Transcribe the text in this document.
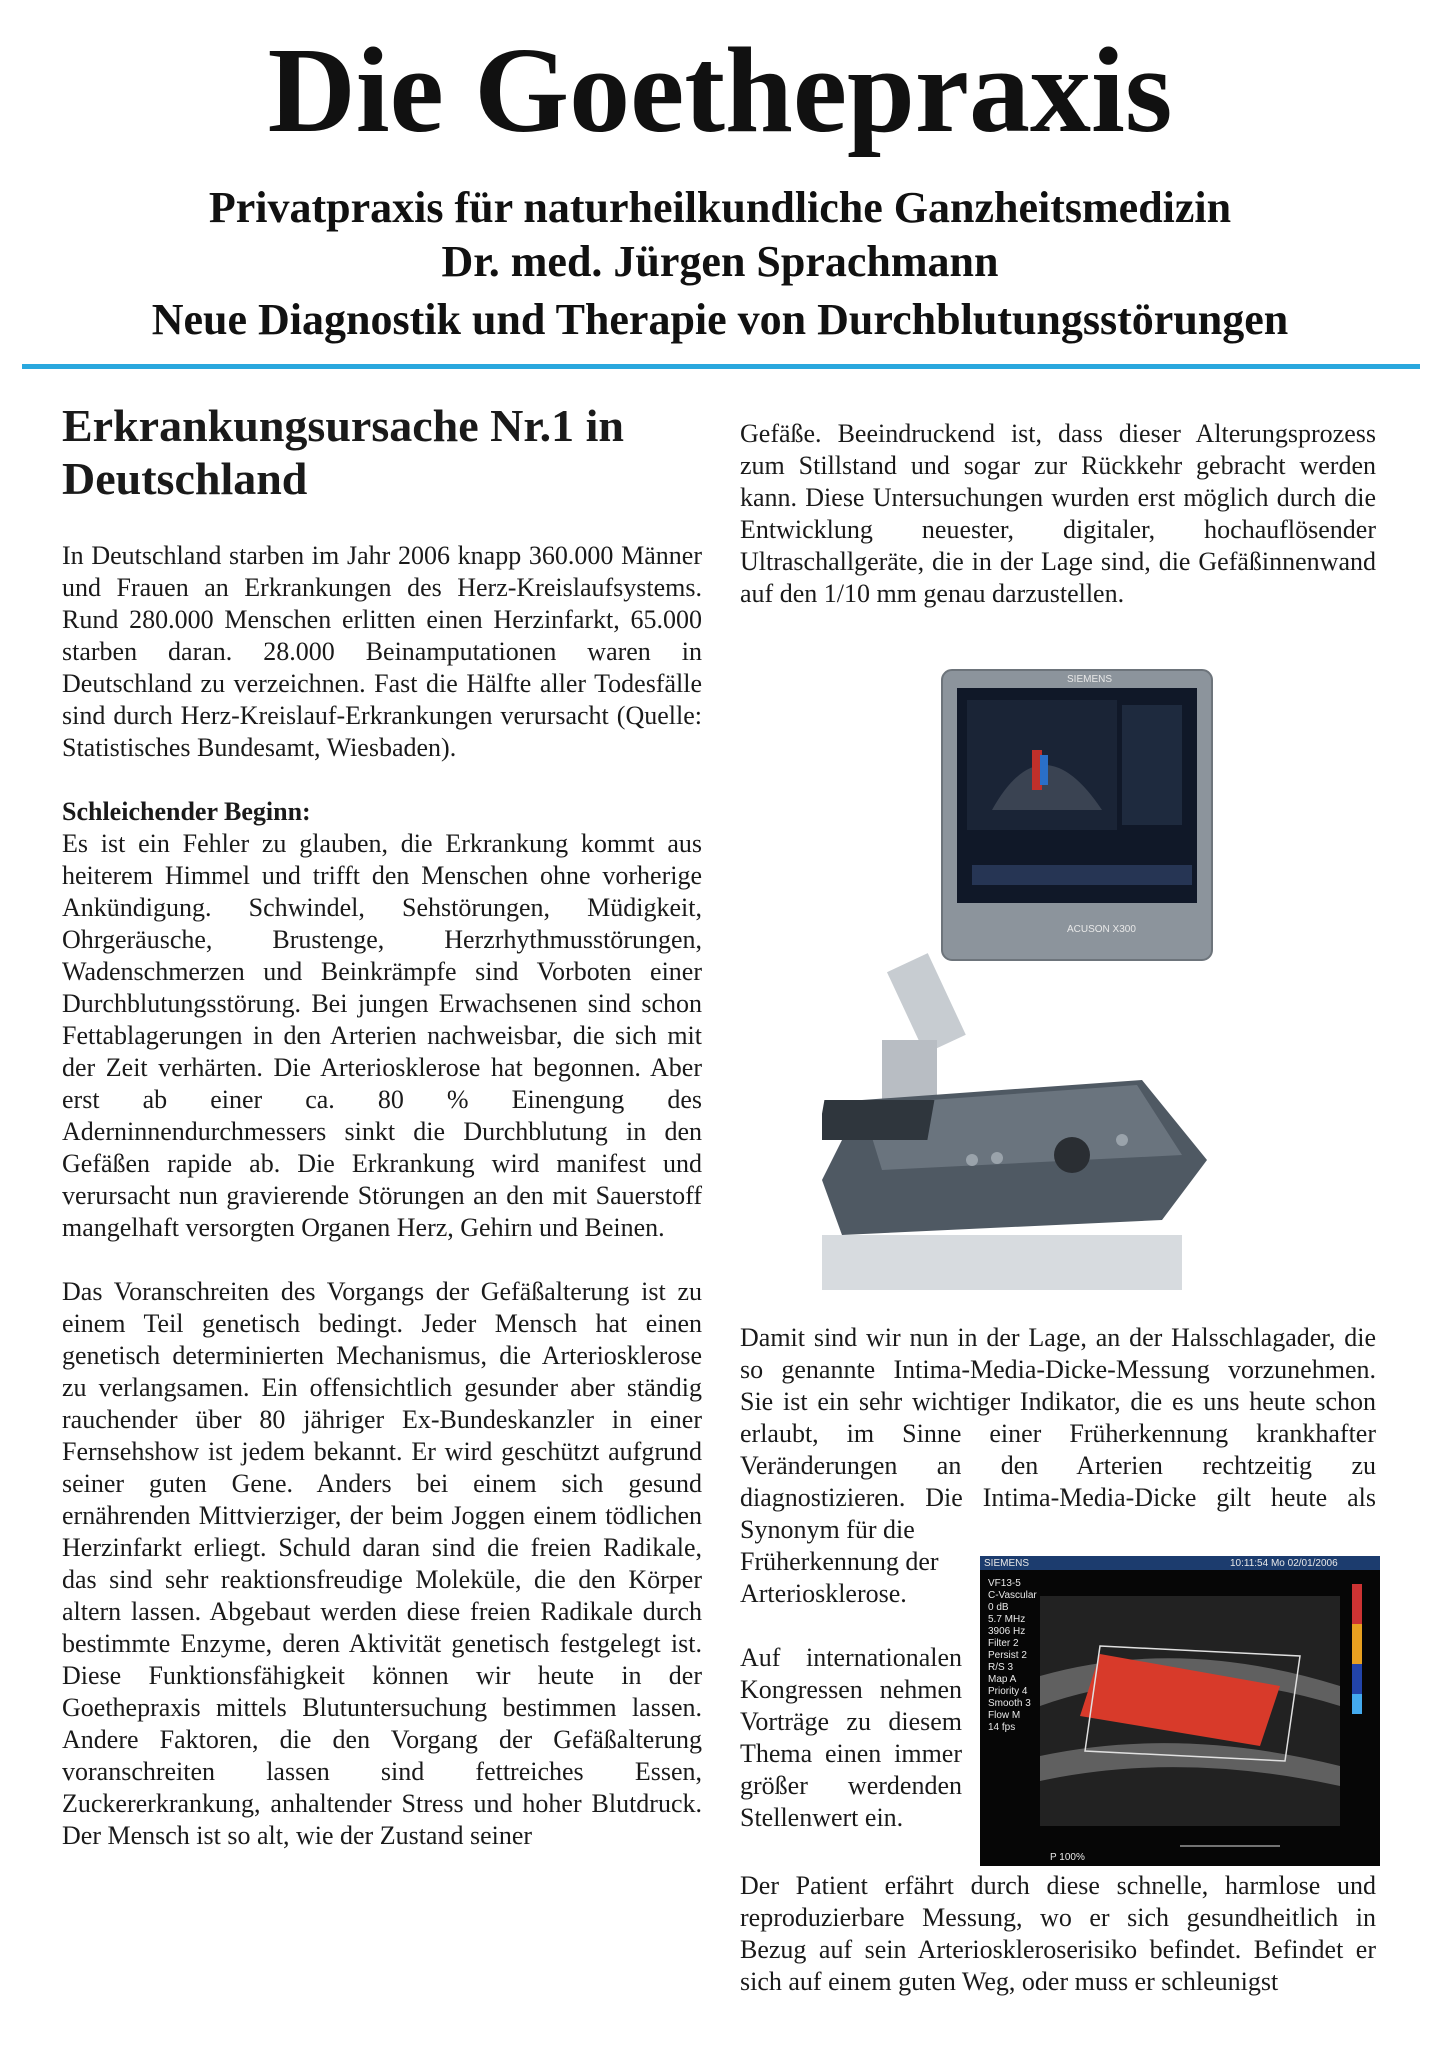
Die Goethepraxis
Privatpraxis für naturheilkundliche Ganzheitsmedizin
Dr. med. Jürgen Sprachmann
Neue Diagnostik und Therapie von Durchblutungsstörungen
Erkrankungsursache Nr.1 in Deutschland

In Deutschland starben im Jahr 2006 knapp 360.000 Männer und Frauen an Erkrankungen des Herz-Kreislaufsystems. Rund 280.000 Menschen erlitten einen Herzinfarkt, 65.000 starben daran. 28.000 Beinamputationen waren in Deutschland zu verzeichnen. Fast die Hälfte aller Todesfälle sind durch Herz-Kreislauf-Erkrankungen verursacht (Quelle: Statistisches Bundesamt, Wiesbaden).

Schleichender Beginn:

Es ist ein Fehler zu glauben, die Erkrankung kommt aus heiterem Himmel und trifft den Menschen ohne vorherige Ankündigung. Schwindel, Sehstörungen, Müdigkeit, Ohrgeräusche, Brustenge, Herzrhythmusstörungen, Wadenschmerzen und Beinkrämpfe sind Vorboten einer Durchblutungsstörung. Bei jungen Erwachsenen sind schon Fettablagerungen in den Arterien nachweisbar, die sich mit der Zeit verhärten. Die Arteriosklerose hat begonnen. Aber erst ab einer ca. 80 % Einengung des Aderninnendurchmessers sinkt die Durchblutung in den Gefäßen rapide ab. Die Erkrankung wird manifest und verursacht nun gravierende Störungen an den mit Sauerstoff mangelhaft versorgten Organen Herz, Gehirn und Beinen.

Das Voranschreiten des Vorgangs der Gefäßalterung ist zu einem Teil genetisch bedingt. Jeder Mensch hat einen genetisch determinierten Mechanismus, die Arteriosklerose zu verlangsamen. Ein offensichtlich gesunder aber ständig rauchender über 80 jähriger Ex-Bundeskanzler in einer Fernsehshow ist jedem bekannt. Er wird geschützt aufgrund seiner guten Gene. Anders bei einem sich gesund ernährenden Mittvierziger, der beim Joggen einem tödlichen Herzinfarkt erliegt. Schuld daran sind die freien Radikale, das sind sehr reaktionsfreudige Moleküle, die den Körper altern lassen. Abgebaut werden diese freien Radikale durch bestimmte Enzyme, deren Aktivität genetisch festgelegt ist. Diese Funktionsfähigkeit können wir heute in der Goethepraxis mittels Blutuntersuchung bestimmen lassen. Andere Faktoren, die den Vorgang der Gefäßalterung voranschreiten lassen sind fettreiches Essen, Zuckererkrankung, anhaltender Stress und hoher Blutdruck. Der Mensch ist so alt, wie der Zustand seiner

Gefäße. Beeindruckend ist, dass dieser Alterungsprozess zum Stillstand und sogar zur Rückkehr gebracht werden kann. Diese Untersuchungen wurden erst möglich durch die Entwicklung neuester, digitaler, hochauflösender Ultraschallgeräte, die in der Lage sind, die Gefäßinnenwand auf den 1/10 mm genau darzustellen.

SIEMENS
ACUSON X300

Damit sind wir nun in der Lage, an der Halsschlagader, die so genannte Intima-Media-Dicke-Messung vorzunehmen. Sie ist ein sehr wichtiger Indikator, die es uns heute schon erlaubt, im Sinne einer Früherkennung krankhafter Veränderungen an den Arterien rechtzeitig zu diagnostizieren. Die Intima-Media-Dicke gilt heute als Synonym für die

Früherkennung der Arteriosklerose.

Auf internationalen Kongressen nehmen Vorträge zu diesem Thema einen immer größer werdenden Stellenwert ein.

Der Patient erfährt durch diese schnelle, harmlose und reproduzierbare Messung, wo er sich gesundheitlich in Bezug auf sein Arterioskleroserisiko befindet. Befindet er sich auf einem guten Weg, oder muss er schleunigst

SIEMENS	10:11:54 Mo 02/01/2006
VF13-5
C-Vascular
0 dB
5.7 MHz
3906 Hz
Filter 2
Persist 2
R/S 3
Map A
Priority 4
Smooth 3
Flow M
14 fps
P 100%
